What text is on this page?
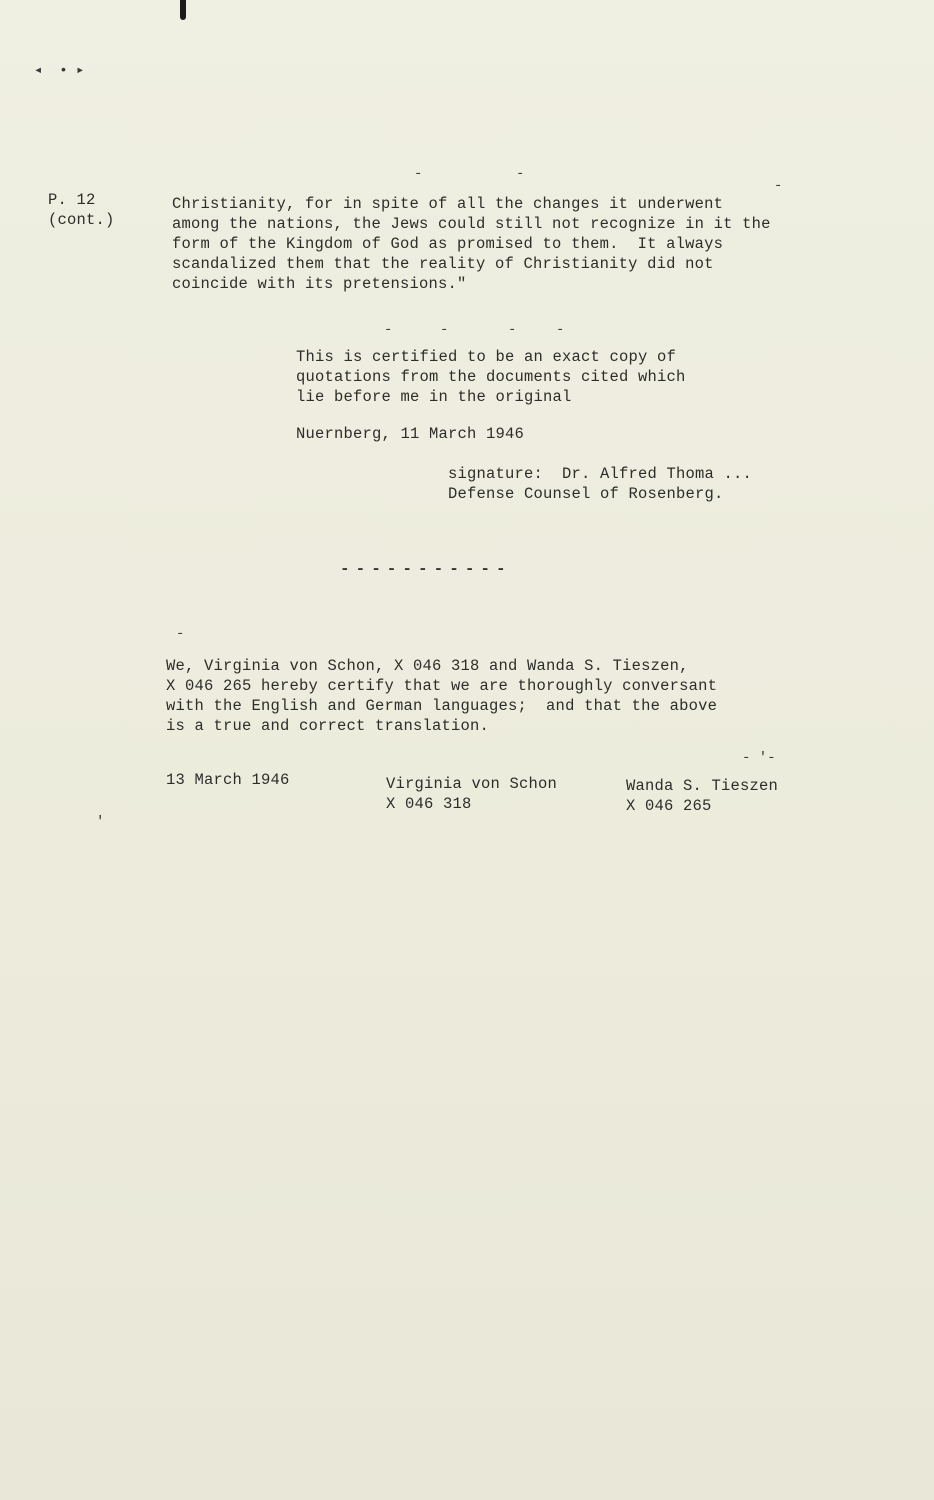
◂  • ▸
-	-
-
P. 12
(cont.)
Christianity, for in spite of all the changes it underwent
among the nations, the Jews could still not recognize in it the
form of the Kingdom of God as promised to them.  It always
scandalized them that the reality of Christianity did not
coincide with its pretensions."
-	-	-	-
This is certified to be an exact copy of
quotations from the documents cited which
lie before me in the original
Nuernberg, 11 March 1946
signature:  Dr. Alfred Thoma ...
Defense Counsel of Rosenberg.
-----------
-
We, Virginia von Schon, X 046 318 and Wanda S. Tieszen,
X 046 265 hereby certify that we are thoroughly conversant
with the English and German languages;  and that the above
is a true and correct translation.
- '-
13 March 1946	Virginia von Schon
X 046 318
Wanda S. Tieszen
X 046 265
'
